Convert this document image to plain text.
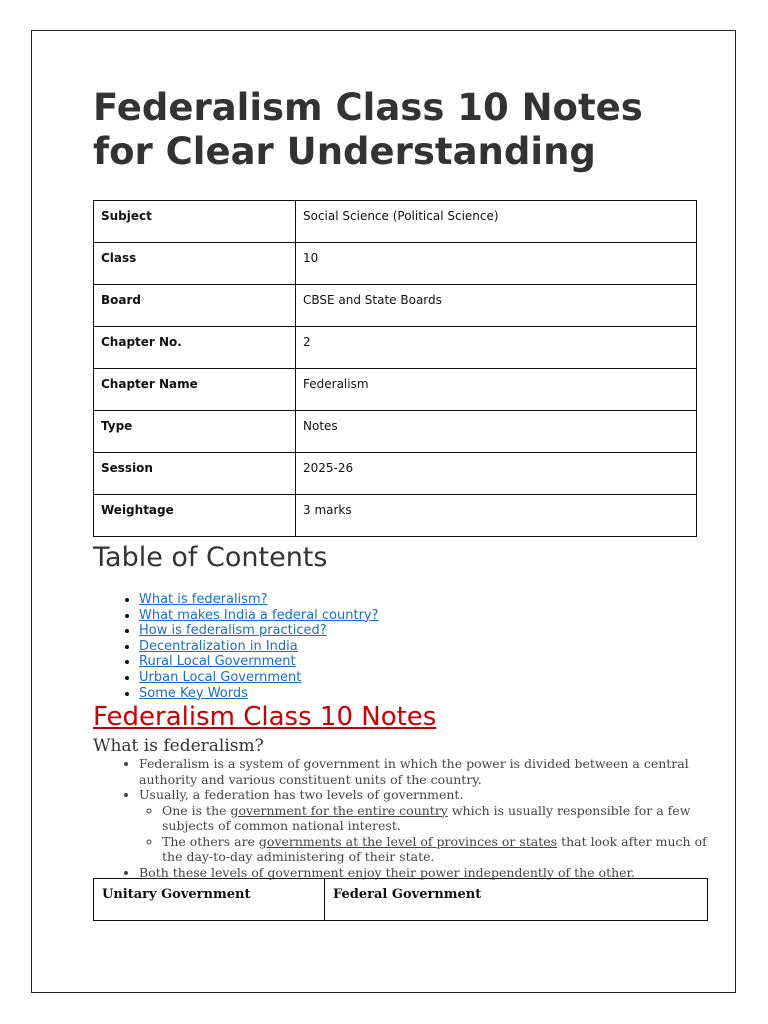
Federalism Class 10 Notes for Clear Understanding
Subject	Social Science (Political Science)
Class	10
Board	CBSE and State Boards
Chapter No.	2
Chapter Name	Federalism
Type	Notes
Session	2025-26
Weightage	3 marks
Table of Contents
• What is federalism?
• What makes India a federal country?
• How is federalism practiced?
• Decentralization in India
• Rural Local Government
• Urban Local Government
• Some Key Words
Federalism Class 10 Notes
What is federalism?
• Federalism is a system of government in which the power is divided between a central authority and various constituent units of the country.
• Usually, a federation has two levels of government.
◦ One is the government for the entire country which is usually responsible for a few subjects of common national interest.
◦ The others are governments at the level of provinces or states that look after much of the day-to-day administering of their state.
• Both these levels of government enjoy their power independently of the other.
Unitary Government	Federal Government
